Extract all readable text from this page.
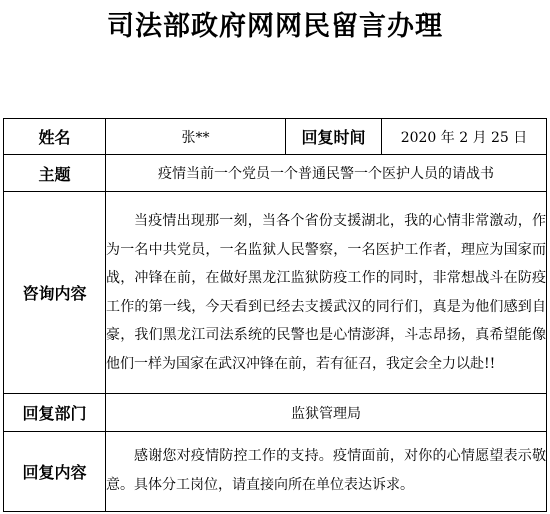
司法部政府网网民留言办理
姓名	张**	回复时间	2020 年 2 月 25 日
主题	疫情当前一个党员一个普通民警一个医护人员的请战书		
咨询内容	当疫情出现那一刻，当各个省份支援湖北，我的心情非常激动，作为一名中共党员，一名监狱人民警察，一名医护工作者，理应为国家而战，冲锋在前，在做好黑龙江监狱防疫工作的同时，非常想战斗在防疫工作的第一线，今天看到已经去支援武汉的同行们，真是为他们感到自豪，我们黑龙江司法系统的民警也是心情澎湃，斗志昂扬，真希望能像他们一样为国家在武汉冲锋在前，若有征召，我定会全力以赴!!		
回复部门	监狱管理局		
回复内容	感谢您对疫情防控工作的支持。疫情面前，对你的心情愿望表示敬意。具体分工岗位，请直接向所在单位表达诉求。		
